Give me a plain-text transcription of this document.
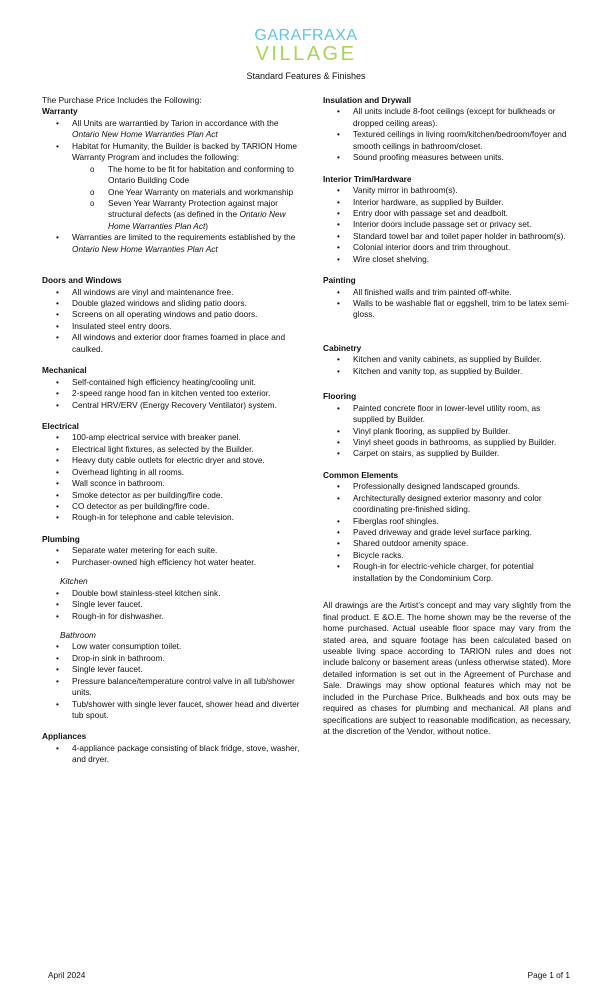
GARAFRAXA
VILLAGE
Standard Features & Finishes
The Purchase Price Includes the Following:
Warranty
• All Units are warrantied by Tarion in accordance with the Ontario New Home Warranties Plan Act
• Habitat for Humanity, the Builder is backed by TARION Home Warranty Program and includes the following:
o The home to be fit for habitation and conforming to Ontario Building Code
o One Year Warranty on materials and workmanship
o Seven Year Warranty Protection against major structural defects (as defined in the Ontario New Home Warranties Plan Act)
• Warranties are limited to the requirements established by the Ontario New Home Warranties Plan Act
Doors and Windows
• All windows are vinyl and maintenance free.
• Double glazed windows and sliding patio doors.
• Screens on all operating windows and patio doors.
• Insulated steel entry doors.
• All windows and exterior door frames foamed in place and caulked.
Mechanical
• Self-contained high efficiency heating/cooling unit.
• 2-speed range hood fan in kitchen vented too exterior.
• Central HRV/ERV (Energy Recovery Ventilator) system.
Electrical
• 100-amp electrical service with breaker panel.
• Electrical light fixtures, as selected by the Builder.
• Heavy duty cable outlets for electric dryer and stove.
• Overhead lighting in all rooms.
• Wall sconce in bathroom.
• Smoke detector as per building/fire code.
• CO detector as per building/fire code.
• Rough-in for telephone and cable television.
Plumbing
• Separate water metering for each suite.
• Purchaser-owned high efficiency hot water heater.
Kitchen
• Double bowl stainless-steel kitchen sink.
• Single lever faucet.
• Rough-in for dishwasher.
Bathroom
• Low water consumption toilet.
• Drop-in sink in bathroom.
• Single lever faucet.
• Pressure balance/temperature control valve in all tub/shower units.
• Tub/shower with single lever faucet, shower head and diverter tub spout.
Appliances
• 4-appliance package consisting of black fridge, stove, washer, and dryer.
Insulation and Drywall
• All units include 8-foot ceilings (except for bulkheads or dropped ceiling areas).
• Textured ceilings in living room/kitchen/bedroom/foyer and smooth ceilings in bathroom/closet.
• Sound proofing measures between units.
Interior Trim/Hardware
• Vanity mirror in bathroom(s).
• Interior hardware, as supplied by Builder.
• Entry door with passage set and deadbolt.
• Interior doors include passage set or privacy set.
• Standard towel bar and toilet paper holder in bathroom(s).
• Colonial interior doors and trim throughout.
• Wire closet shelving.
Painting
• All finished walls and trim painted off-white.
• Walls to be washable flat or eggshell, trim to be latex semi-gloss.
Cabinetry
• Kitchen and vanity cabinets, as supplied by Builder.
• Kitchen and vanity top, as supplied by Builder.
Flooring
• Painted concrete floor in lower-level utility room, as supplied by Builder.
• Vinyl plank flooring, as supplied by Builder.
• Vinyl sheet goods in bathrooms, as supplied by Builder.
• Carpet on stairs, as supplied by Builder.
Common Elements
• Professionally designed landscaped grounds.
• Architecturally designed exterior masonry and color coordinating pre-finished siding.
• Fiberglas roof shingles.
• Paved driveway and grade level surface parking.
• Shared outdoor amenity space.
• Bicycle racks.
• Rough-in for electric-vehicle charger, for potential installation by the Condominium Corp.
All drawings are the Artist’s concept and may vary slightly from the final product. E &O.E. The home shown may be the reverse of the home purchased. Actual useable floor space may vary from the stated area, and square footage has been calculated based on useable living space according to TARION rules and does not include balcony or basement areas (unless otherwise stated). More detailed information is set out in the Agreement of Purchase and Sale. Drawings may show optional features which may not be included in the Purchase Price. Bulkheads and box outs may be required as chases for plumbing and mechanical. All plans and specifications are subject to reasonable modification, as necessary, at the discretion of the Vendor, without notice.
April 2024	Page 1 of 1
